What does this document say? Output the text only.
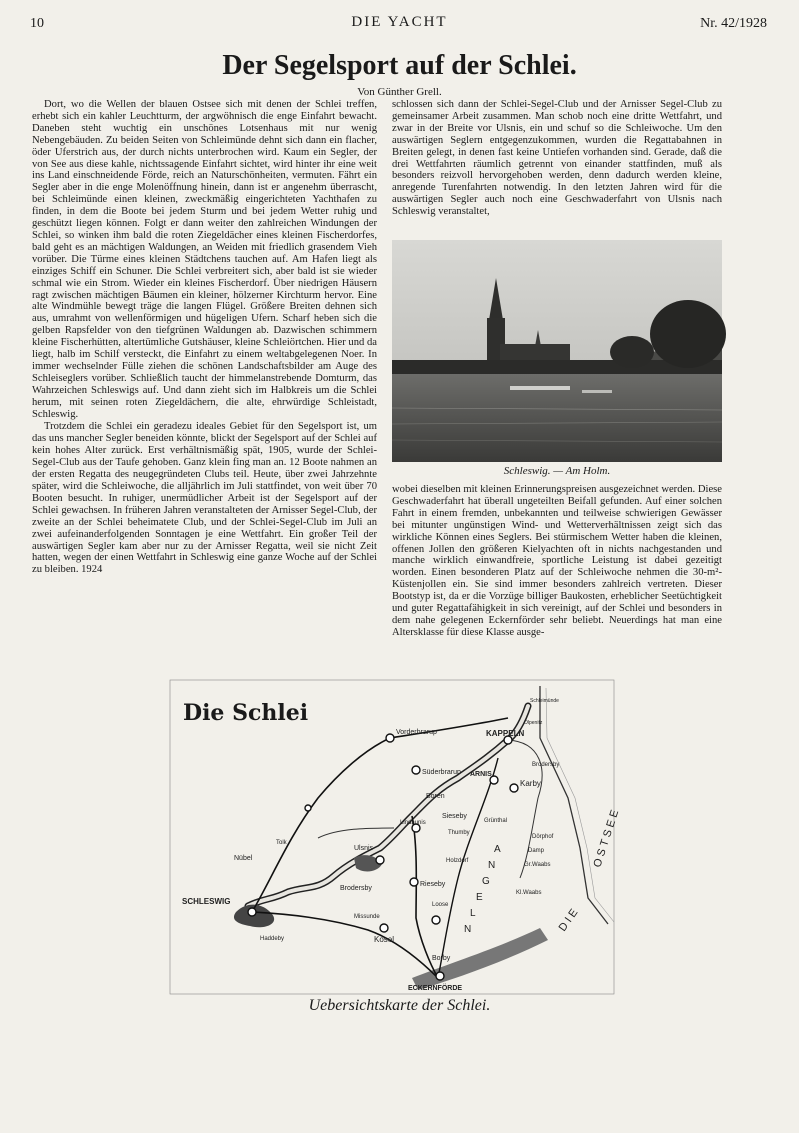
10	DIE YACHT	Nr. 42/1928
Der Segelsport auf der Schlei.
Von Günther Grell.

Dort, wo die Wellen der blauen Ostsee sich mit denen der Schlei treffen, erhebt sich ein kahler Leuchtturm, der argwöhnisch die enge Einfahrt bewacht. Daneben steht wuchtig ein unschönes Lotsenhaus mit nur wenig Nebengebäuden. Zu beiden Seiten von Schleimünde dehnt sich dann ein flacher, öder Uferstrich aus, der durch nichts unterbrochen wird. Kaum ein Segler, der von See aus diese kahle, nichtssagende Einfahrt sichtet, wird hinter ihr eine weit ins Land einschneidende Förde, reich an Naturschönheiten, vermuten. Fährt ein Segler aber in die enge Molenöffnung hinein, dann ist er angenehm überrascht, bei Schleimünde einen kleinen, zweckmäßig eingerichteten Yachthafen zu finden, in dem die Boote bei jedem Sturm und bei jedem Wetter ruhig und geschützt liegen können. Folgt er dann weiter den zahlreichen Windungen der Schlei, so winken ihm bald die roten Ziegeldächer eines kleinen Fischerdorfes, bald geht es an mächtigen Waldungen, an Weiden mit friedlich grasendem Vieh vorüber. Die Türme eines kleinen Städtchens tauchen auf. Am Hafen liegt als einziges Schiff ein Schuner. Die Schlei verbreitert sich, aber bald ist sie wieder schmal wie ein Strom. Wieder ein kleines Fischerdorf. Über niedrigen Häusern ragt zwischen mächtigen Bäumen ein kleiner, hölzerner Kirchturm hervor. Eine alte Windmühle bewegt träge die langen Flügel. Größere Breiten dehnen sich aus, umrahmt von wellenförmigen und hügeligen Ufern. Scharf heben sich die gelben Rapsfelder von den tiefgrünen Waldungen ab. Dazwischen schimmern kleine Fischerhütten, altertümliche Gutshäuser, kleine Schleiörtchen. Hier und da liegt, halb im Schilf versteckt, die Einfahrt zu einem weltabgelegenen Noer. In immer wechselnder Fülle ziehen die schönen Landschaftsbilder am Auge des Schleiseglers vorüber. Schließlich taucht der himmelanstrebende Domturm, das Wahrzeichen Schleswigs auf. Und dann zieht sich im Halbkreis um die Schlei herum, mit seinen roten Ziegeldächern, die alte, ehrwürdige Schleistadt, Schleswig.

Trotzdem die Schlei ein geradezu ideales Gebiet für den Segelsport ist, um das uns mancher Segler beneiden könnte, blickt der Segelsport auf der Schlei auf kein hohes Alter zurück. Erst verhältnismäßig spät, 1905, wurde der Schlei-Segel-Club aus der Taufe gehoben. Ganz klein fing man an. 12 Boote nahmen an der ersten Regatta des neugegründeten Clubs teil. Heute, über zwei Jahrzehnte später, wird die Schleiwoche, die alljährlich im Juli stattfindet, von weit über 70 Booten besucht. In ruhiger, unermüdlicher Arbeit ist der Segelsport auf der Schlei gewachsen. In früheren Jahren veranstalteten der Arnisser Segel-Club, der zweite an der Schlei beheimatete Club, und der Schlei-Segel-Club im Juli an zwei aufeinanderfolgenden Sonntagen je eine Wettfahrt. Ein großer Teil der auswärtigen Segler kam aber nur zu der Arnisser Regatta, weil sie nicht Zeit hatten, wegen der einen Wettfahrt in Schleswig eine ganze Woche auf der Schlei zu bleiben. 1924

schlossen sich dann der Schlei-Segel-Club und der Arnisser Segel-Club zu gemeinsamer Arbeit zusammen. Man schob noch eine dritte Wettfahrt, und zwar in der Breite vor Ulsnis, ein und schuf so die Schleiwoche. Um den auswärtigen Seglern entgegenzukommen, wurden die Regattabahnen in Breiten gelegt, in denen fast keine Untiefen vorhanden sind. Gerade, daß die drei Wettfahrten räumlich getrennt von einander stattfinden, muß als besonders reizvoll hervorgehoben werden, denn dadurch werden kleine, anregende Turenfahrten notwendig. In den letzten Jahren wird für die auswärtigen Segler auch noch eine Geschwaderfahrt von Ulsnis nach Schleswig veranstaltet,

Schleswig. — Am Holm.

wobei dieselben mit kleinen Erinnerungspreisen ausgezeichnet werden. Diese Geschwaderfahrt hat überall ungeteilten Beifall gefunden. Auf einer solchen Fahrt in einem fremden, unbekannten und teilweise schwierigen Gewässer bei mitunter ungünstigen Wind- und Wetterverhältnissen zeigt sich das wirkliche Können eines Seglers. Bei stürmischem Wetter haben die kleinen, offenen Jollen den größeren Kielyachten oft in nichts nachgestanden und manche wirklich einwandfreie, sportliche Leistung ist dabei gezeitigt worden. Einen besonderen Platz auf der Schleiwoche nehmen die 30-m²-Küstenjollen ein. Sie sind immer besonders zahlreich vertreten. Dieser Bootstyp ist, da er die Vorzüge billiger Baukosten, erheblicher Seetüchtigkeit und guter Regattafähigkeit in sich vereinigt, auf der Schlei und besonders in dem nahe gelegenen Eckernförder sehr beliebt. Neuerdings hat man eine Altersklasse für diese Klasse ausge-

Vorderbrarup
Süderbrarup
Boren
KAPPELN
ARNIS
Karby
Brodersby
Dörphof
Damp
Gr.Waabs
Kl.Waabs
Grünthal
Sieseby
Thumby
Lindaunis
Ulsnis
Brodersby
Rieseby
Loose
Holzdorf
Missunde
Kosel
Borby
ECKERNFÖRDE
SCHLESWIG
Haddeby
Nübel
Tolk
Olpenitz
Schleimünde
A
N
G
E
L
N
OSTSEE
DIE
Die Schlei
Uebersichtskarte der Schlei.
